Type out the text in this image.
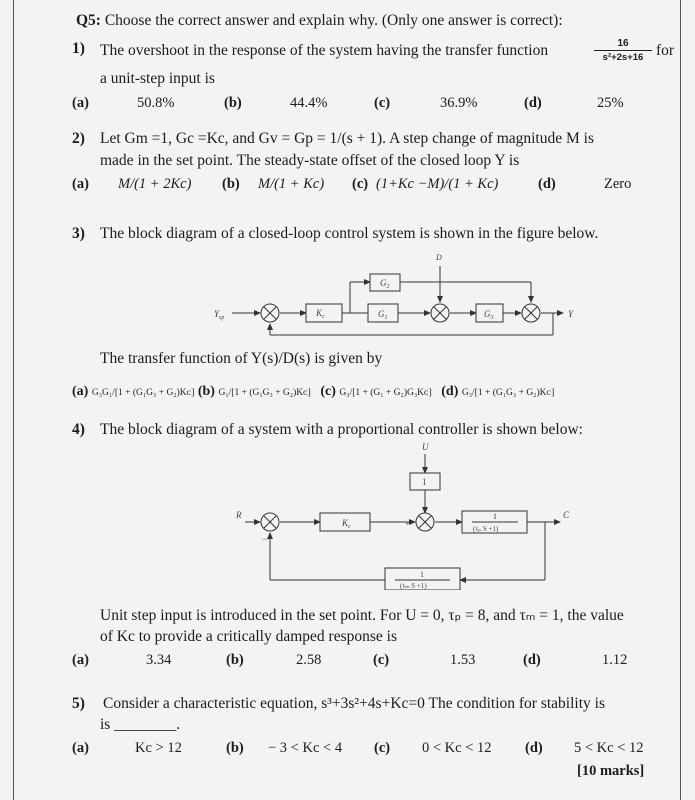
Q5: Choose the correct answer and explain why. (Only one answer is correct):
1) The overshoot in the response of the system having the transfer function	16
s²+2s+16 for
a unit-step input is
(a)	50.8%	(b)	44.4%	(c)	36.9%	(d)	25%
2) Let Gm =1, Gc =Kc, and Gv = Gp = 1/(s + 1). A step change of magnitude M is
made in the set point. The steady-state offset of the closed loop Y is
(a) M/(1 + 2Kc) (b) M/(1 + Kc) (c) (1+Kc −M)/(1 + Kc)	(d)	Zero
3) The block diagram of a closed-loop control system is shown in the figure below.
$Y_{sp}$	$K_c$
$G_2$
$G_1$	$G_3$
D
Y
The transfer function of Y(s)/D(s) is given by
(a) G₃G₁/[1 + (G₁G₃ + G₂)Kᴄ] (b) G₁/[1 + (G₁G₃ + G₂)Kᴄ] (c) G₃/[1 + (G₁ + G₂)G₃Kᴄ] (d) G₃/[1 + (G₁G₃ + G₂)Kᴄ]
4) The block diagram of a system with a proportional controller is shown below:
U
1
R
$K_c$	+
−
1
(τₚ S +1)
1
(τₘ S +1)
C
Unit step input is introduced in the set point. For U = 0, τₚ = 8, and τₘ = 1, the value
of Kc to provide a critically damped response is
(a)	3.34	(b)	2.58	(c)	1.53	(d)	1.12
5) Consider a characteristic equation, s³+3s²+4s+Kc=0 The condition for stability is
is ________.
(a)	Kc > 12	(b) − 3 < Kc < 4 (c) 0 < Kc < 12 (d) 5 < Kc < 12
[10 marks]
